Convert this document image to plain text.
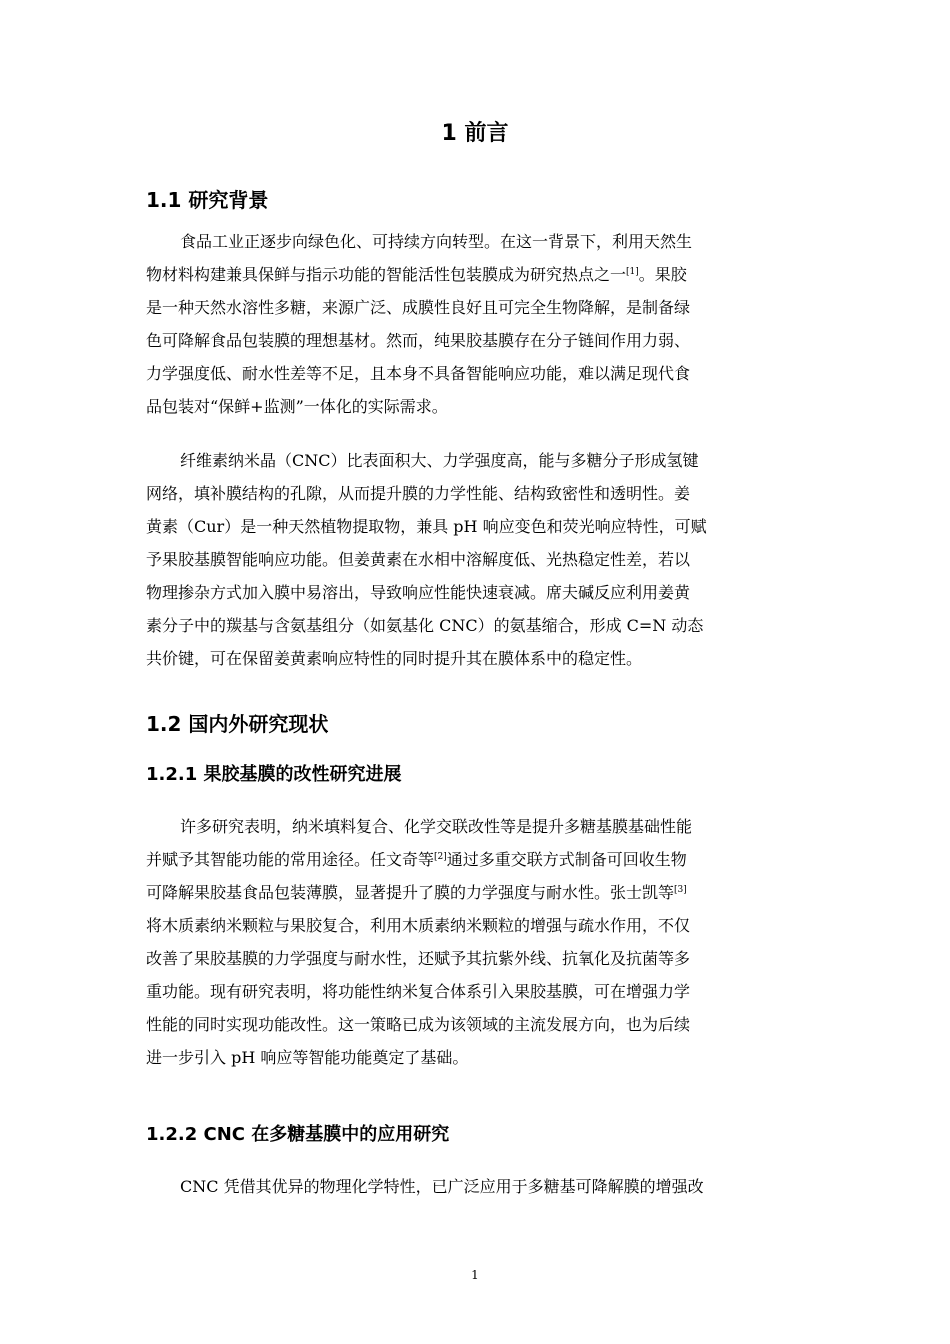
1 前言
1.1 研究背景
食品工业正逐步向绿色化、可持续方向转型。在这一背景下，利用天然生
物材料构建兼具保鲜与指示功能的智能活性包装膜成为研究热点之一[1]。果胶
是一种天然水溶性多糖，来源广泛、成膜性良好且可完全生物降解，是制备绿
色可降解食品包装膜的理想基材。然而，纯果胶基膜存在分子链间作用力弱、
力学强度低、耐水性差等不足，且本身不具备智能响应功能，难以满足现代食
品包装对“保鲜+监测”一体化的实际需求。
纤维素纳米晶（CNC）比表面积大、力学强度高，能与多糖分子形成氢键
网络，填补膜结构的孔隙，从而提升膜的力学性能、结构致密性和透明性。姜
黄素（Cur）是一种天然植物提取物，兼具 pH 响应变色和荧光响应特性，可赋
予果胶基膜智能响应功能。但姜黄素在水相中溶解度低、光热稳定性差，若以
物理掺杂方式加入膜中易溶出，导致响应性能快速衰减。席夫碱反应利用姜黄
素分子中的羰基与含氨基组分（如氨基化 CNC）的氨基缩合，形成 C=N 动态
共价键，可在保留姜黄素响应特性的同时提升其在膜体系中的稳定性。
1.2 国内外研究现状
1.2.1 果胶基膜的改性研究进展
许多研究表明，纳米填料复合、化学交联改性等是提升多糖基膜基础性能
并赋予其智能功能的常用途径。任文奇等[2]通过多重交联方式制备可回收生物
可降解果胶基食品包装薄膜，显著提升了膜的力学强度与耐水性。张士凯等[3]
将木质素纳米颗粒与果胶复合，利用木质素纳米颗粒的增强与疏水作用，不仅
改善了果胶基膜的力学强度与耐水性，还赋予其抗紫外线、抗氧化及抗菌等多
重功能。现有研究表明，将功能性纳米复合体系引入果胶基膜，可在增强力学
性能的同时实现功能改性。这一策略已成为该领域的主流发展方向，也为后续
进一步引入 pH 响应等智能功能奠定了基础。
1.2.2 CNC 在多糖基膜中的应用研究
CNC 凭借其优异的物理化学特性，已广泛应用于多糖基可降解膜的增强改
1
